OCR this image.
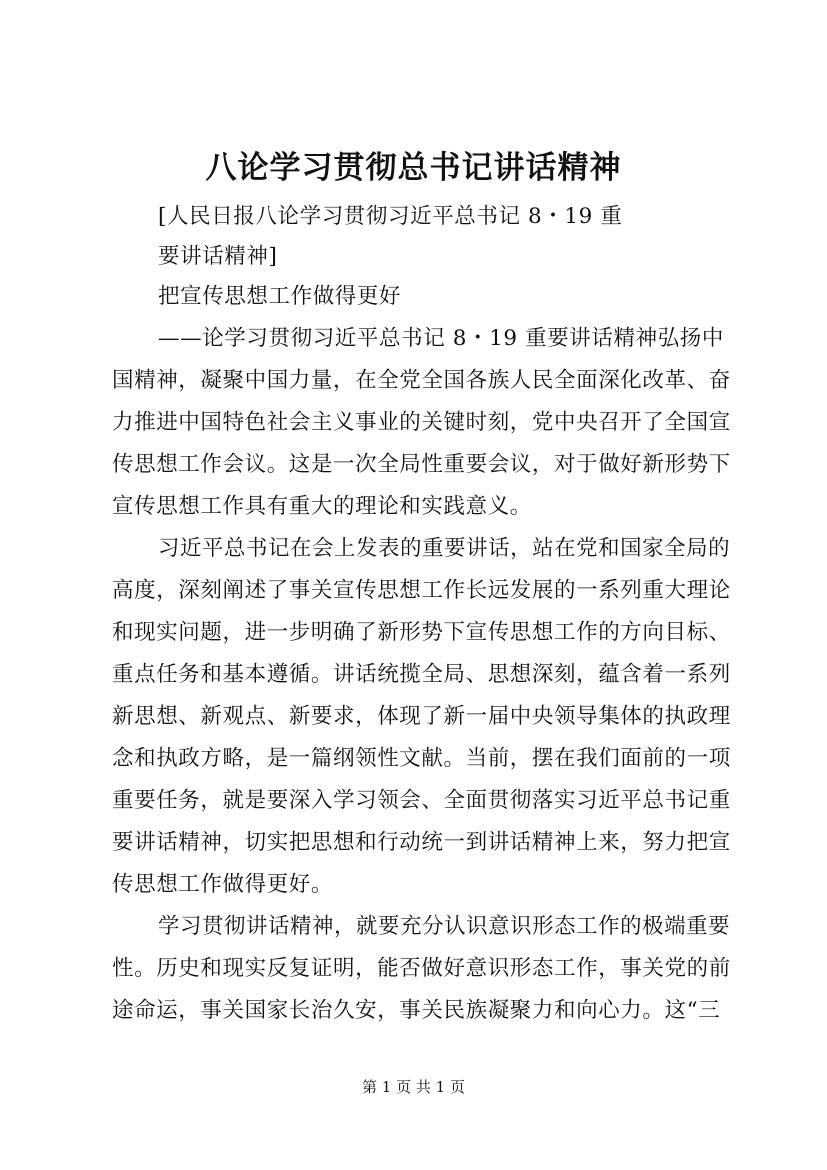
八论学习贯彻总书记讲话精神
[人民日报八论学习贯彻习近平总书记 8・19 重
要讲话精神]
把宣传思想工作做得更好
——论学习贯彻习近平总书记 8・19 重要讲话精神弘扬中
国精神，凝聚中国力量，在全党全国各族人民全面深化改革、奋
力推进中国特色社会主义事业的关键时刻，党中央召开了全国宣
传思想工作会议。这是一次全局性重要会议，对于做好新形势下
宣传思想工作具有重大的理论和实践意义。
习近平总书记在会上发表的重要讲话，站在党和国家全局的
高度，深刻阐述了事关宣传思想工作长远发展的一系列重大理论
和现实问题，进一步明确了新形势下宣传思想工作的方向目标、
重点任务和基本遵循。讲话统揽全局、思想深刻，蕴含着一系列
新思想、新观点、新要求，体现了新一届中央领导集体的执政理
念和执政方略，是一篇纲领性文献。当前，摆在我们面前的一项
重要任务，就是要深入学习领会、全面贯彻落实习近平总书记重
要讲话精神，切实把思想和行动统一到讲话精神上来，努力把宣
传思想工作做得更好。
学习贯彻讲话精神，就要充分认识意识形态工作的极端重要
性。历史和现实反复证明，能否做好意识形态工作，事关党的前
途命运，事关国家长治久安，事关民族凝聚力和向心力。这“三
第 1 页 共 1 页
